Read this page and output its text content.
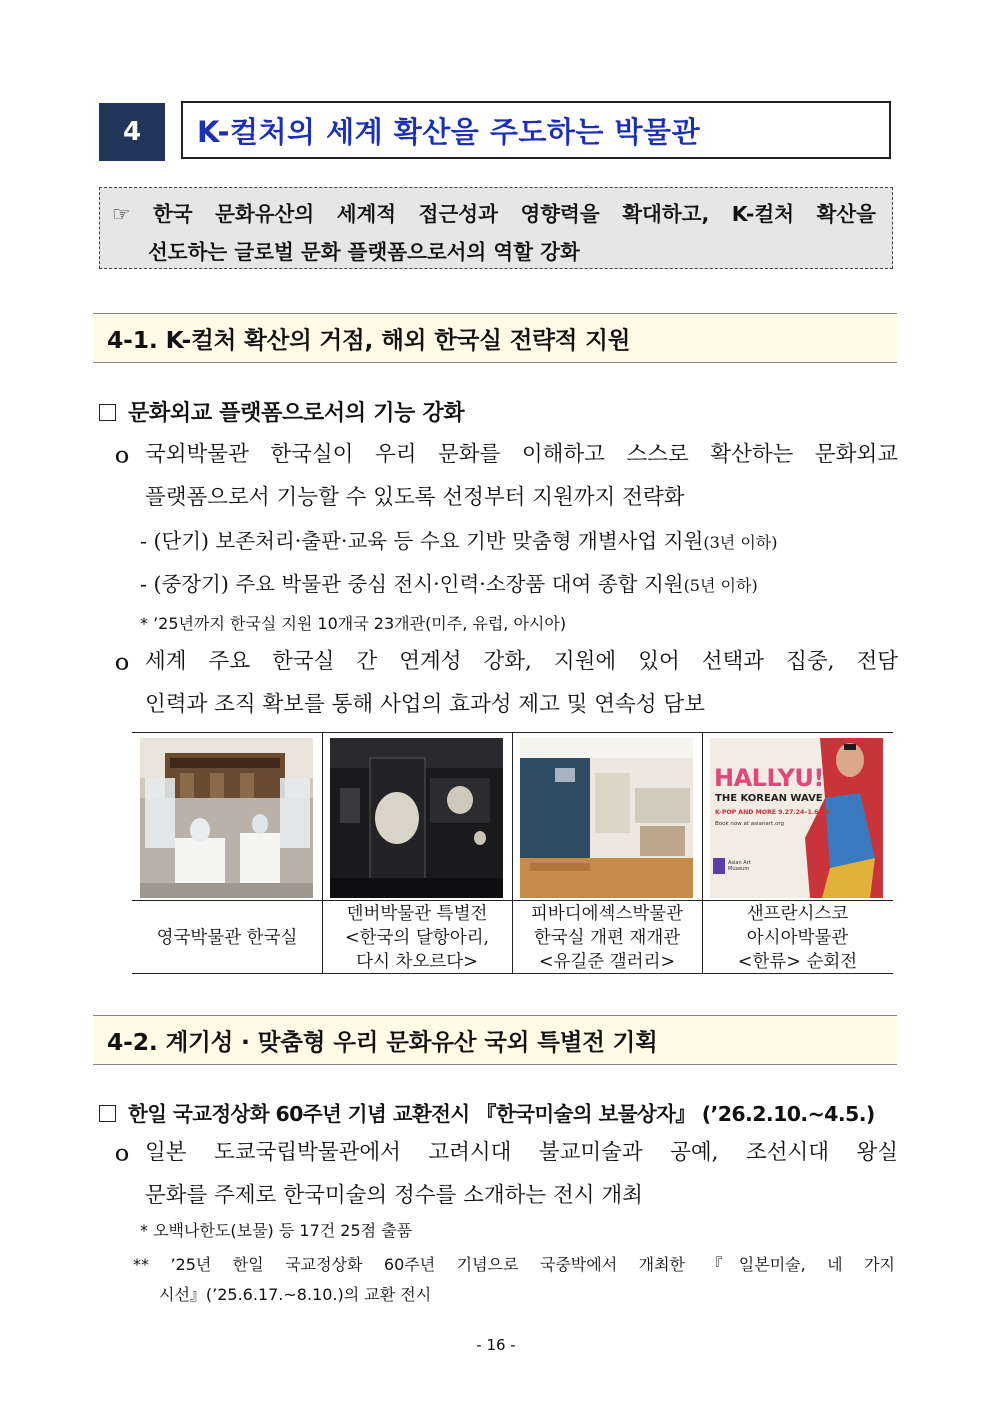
4	K-컬처의 세계 확산을 주도하는 박물관
☞ 한국 문화유산의 세계적 접근성과 영향력을 확대하고, K-컬처 확산을
선도하는 글로벌 문화 플랫폼으로서의 역할 강화
4-1. K-컬처 확산의 거점, 해외 한국실 전략적 지원
문화외교 플랫폼으로서의 기능 강화
ｏ 국외박물관 한국실이 우리 문화를 이해하고 스스로 확산하는 문화외교
플랫폼으로서 기능할 수 있도록 선정부터 지원까지 전략화
- (단기) 보존처리·출판·교육 등 수요 기반 맞춤형 개별사업 지원(3년 이하)
- (중장기) 주요 박물관 중심 전시·인력·소장품 대여 종합 지원(5년 이하)
* ’25년까지 한국실 지원 10개국 23개관(미주, 유럽, 아시아)
ｏ 세계 주요 한국실 간 연계성 강화, 지원에 있어 선택과 집중, 전담
인력과 조직 확보를 통해 사업의 효과성 제고 및 연속성 담보
영국박물관 한국실
덴버박물관 특별전
<한국의 달항아리,
다시 차오르다>
피바디에섹스박물관
한국실 개편 재개관
<유길준 갤러리>
HALLYU!
THE KOREAN WAVE
K-POP AND MORE 9.27.24–1.6.25
Book now at asianart.org
Asian Art Museum
샌프란시스코
아시아박물관
<한류> 순회전
4-2. 계기성 · 맞춤형 우리 문화유산 국외 특별전 기획
한일 국교정상화 60주년 기념 교환전시 『한국미술의 보물상자』 (’26.2.10.~4.5.)
ｏ 일본 도쿄국립박물관에서 고려시대 불교미술과 공예, 조선시대 왕실
문화를 주제로 한국미술의 정수를 소개하는 전시 개최
* 오백나한도(보물) 등 17건 25점 출품
** ’25년 한일 국교정상화 60주년 기념으로 국중박에서 개최한 『일본미술, 네 가지
시선』(’25.6.17.~8.10.)의 교환 전시
- 16 -
